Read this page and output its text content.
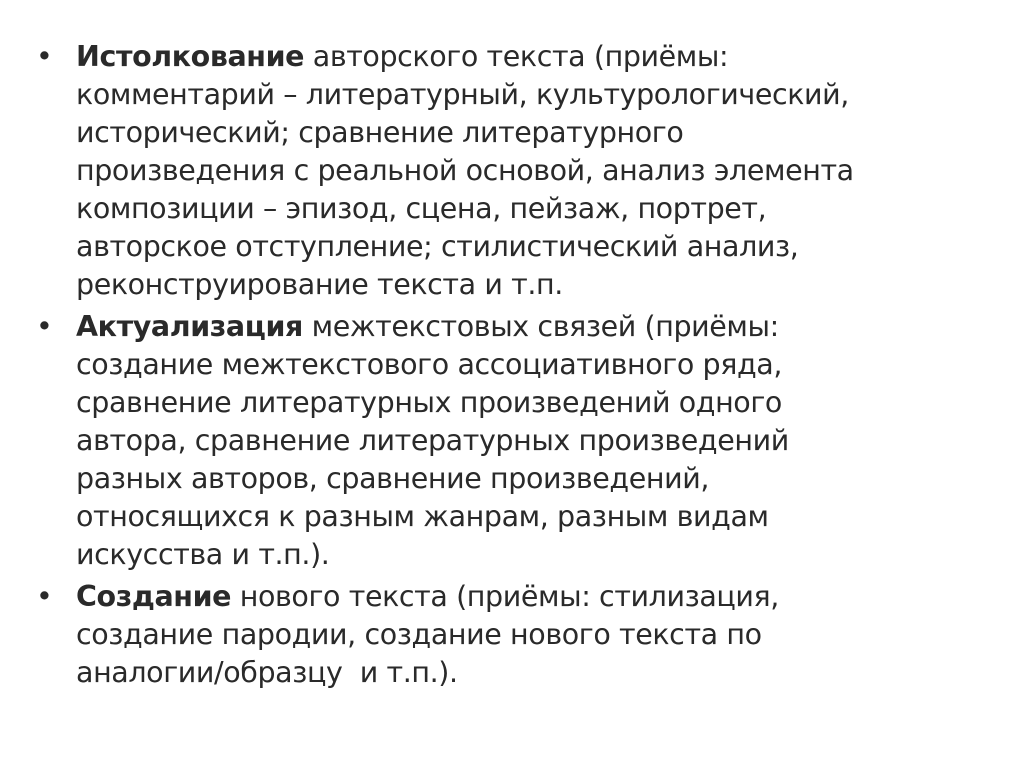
• Истолкование авторского текста (приёмы:
комментарий – литературный, культурологический,
исторический; сравнение литературного
произведения с реальной основой, анализ элемента
композиции – эпизод, сцена, пейзаж, портрет,
авторское отступление; стилистический анализ,
реконструирование текста и т.п.
• Актуализация межтекстовых связей (приёмы:
создание межтекстового ассоциативного ряда,
сравнение литературных произведений одного
автора, сравнение литературных произведений
разных авторов, сравнение произведений,
относящихся к разным жанрам, разным видам
искусства и т.п.).
• Создание нового текста (приёмы: стилизация,
создание пародии, создание нового текста по
аналогии/образцу  и т.п.).
